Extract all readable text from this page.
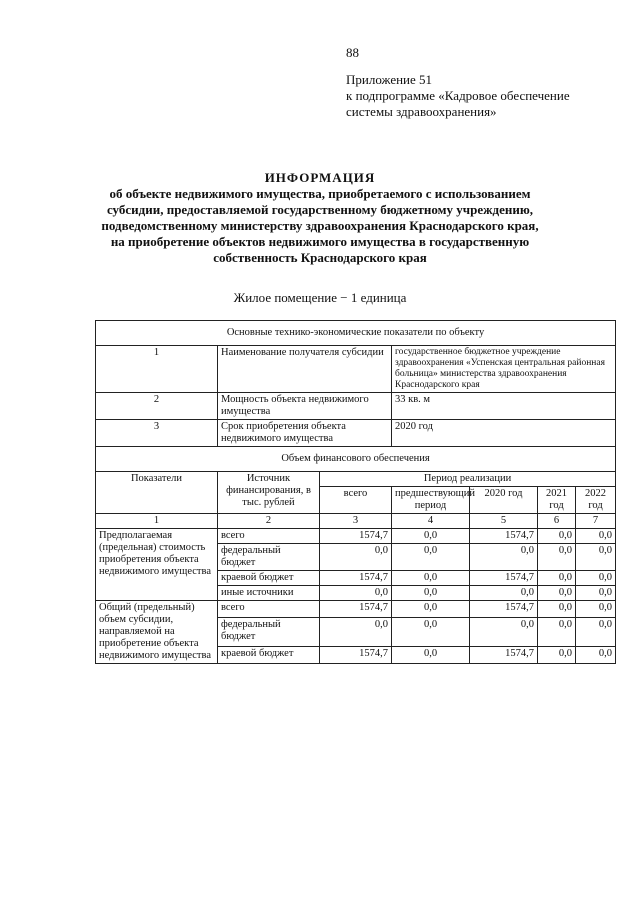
88
Приложение 51
к подпрограмме «Кадровое обеспечение
системы здравоохранения»
ИНФОРМАЦИЯ
об объекте недвижимого имущества, приобретаемого с использованием
субсидии, предоставляемой государственному бюджетному учреждению,
подведомственному министерству здравоохранения Краснодарского края,
на приобретение объектов недвижимого имущества в государственную
собственность Краснодарского края
Жилое помещение − 1 единица
Основные технико-экономические показатели по объекту						
1	Наименование получателя субсидии		государственное бюджетное учреждение здравоохранения «Успенская центральная районная больница» министерства здравоохранения Краснодарского края			
2	Мощность объекта недвижимого имущества		33 кв. м			
3	Срок приобретения объекта недвижимого имущества		2020 год			
Объем финансового обеспечения						
Показатели	Источник финансирования, в тыс. рублей	Период реализации				
		всего	предшествующий период	2020 год	2021 год	2022 год
1	2	3	4	5	6	7
Предполагаемая (предельная) стоимость приобретения объекта недвижимого имущества	всего	1574,7	0,0	1574,7	0,0	0,0
	федеральный бюджет	0,0	0,0	0,0	0,0	0,0
	краевой бюджет	1574,7	0,0	1574,7	0,0	0,0
	иные источники	0,0	0,0	0,0	0,0	0,0
Общий (предельный) объем субсидии, направляемой на приобретение объекта недвижимого имущества	всего	1574,7	0,0	1574,7	0,0	0,0
	федеральный бюджет	0,0	0,0	0,0	0,0	0,0
	краевой бюджет	1574,7	0,0	1574,7	0,0	0,0
